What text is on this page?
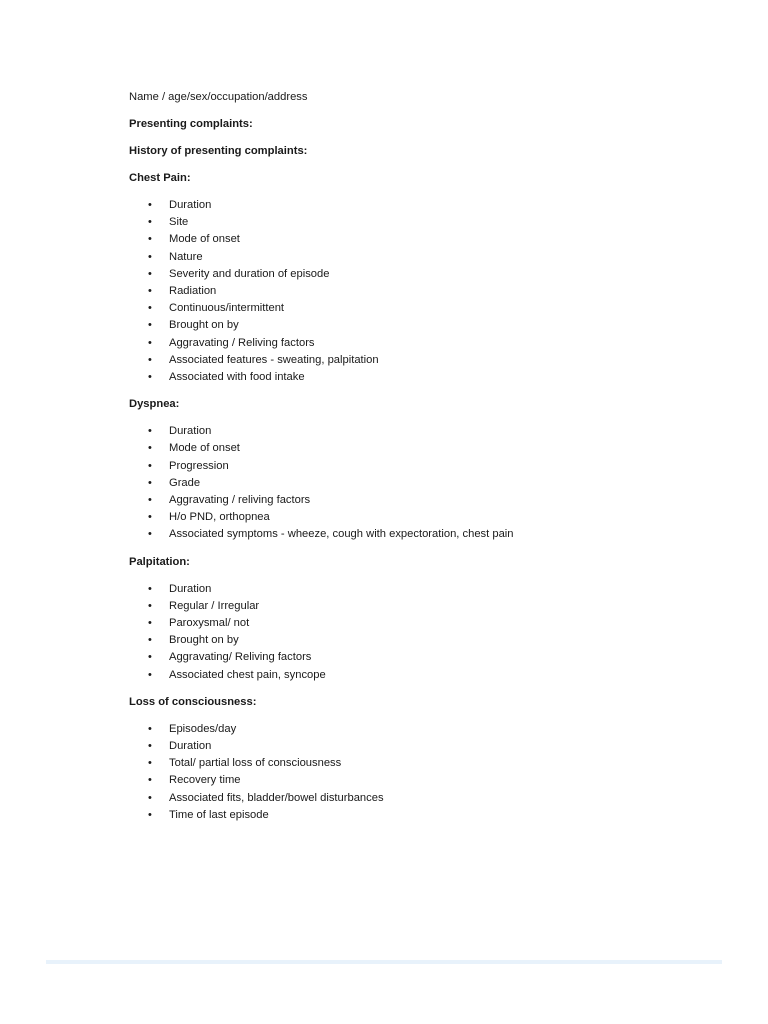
Name / age/sex/occupation/address

Presenting complaints:

History of presenting complaints:

Chest Pain:

• Duration
• Site
• Mode of onset
• Nature
• Severity and duration of episode
• Radiation
• Continuous/intermittent
• Brought on by
• Aggravating / Reliving factors
• Associated features - sweating, palpitation
• Associated with food intake

Dyspnea:

• Duration
• Mode of onset
• Progression
• Grade
• Aggravating / reliving factors
• H/o PND, orthopnea
• Associated symptoms - wheeze, cough with expectoration, chest pain

Palpitation:

• Duration
• Regular / Irregular
• Paroxysmal/ not
• Brought on by
• Aggravating/ Reliving factors
• Associated chest pain, syncope

Loss of consciousness:

• Episodes/day
• Duration
• Total/ partial loss of consciousness
• Recovery time
• Associated fits, bladder/bowel disturbances
• Time of last episode
